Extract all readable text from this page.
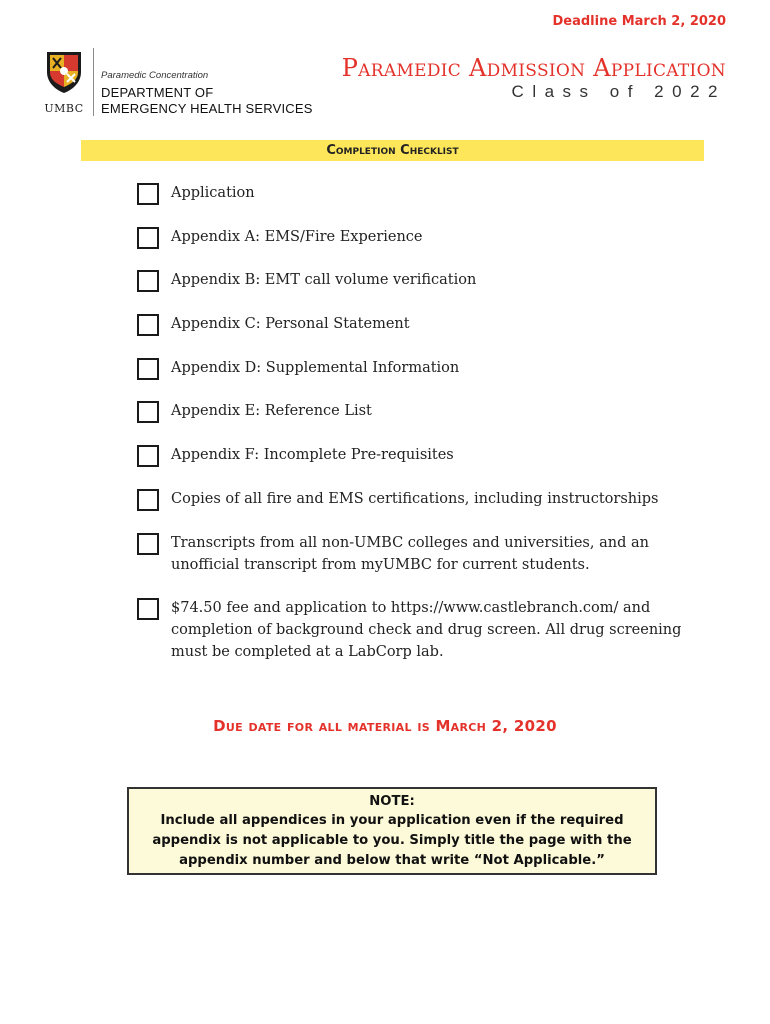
Deadline March 2, 2020
UMBC
Paramedic Concentration
DEPARTMENT OF
EMERGENCY HEALTH SERVICES
Paramedic Admission Application
Class of 2022
Completion Checklist
Application
Appendix A: EMS/Fire Experience
Appendix B: EMT call volume verification
Appendix C: Personal Statement
Appendix D: Supplemental Information
Appendix E: Reference List
Appendix F: Incomplete Pre-requisites
Copies of all fire and EMS certifications, including instructorships
Transcripts from all non-UMBC colleges and universities, and an unofficial transcript from myUMBC for current students.
$74.50 fee and application to https://www.castlebranch.com/ and completion of background check and drug screen. All drug screening must be completed at a LabCorp lab.
Due date for all material is March 2, 2020
NOTE:
Include all appendices in your application even if the required appendix is not applicable to you. Simply title the page with the appendix number and below that write “Not Applicable.”
